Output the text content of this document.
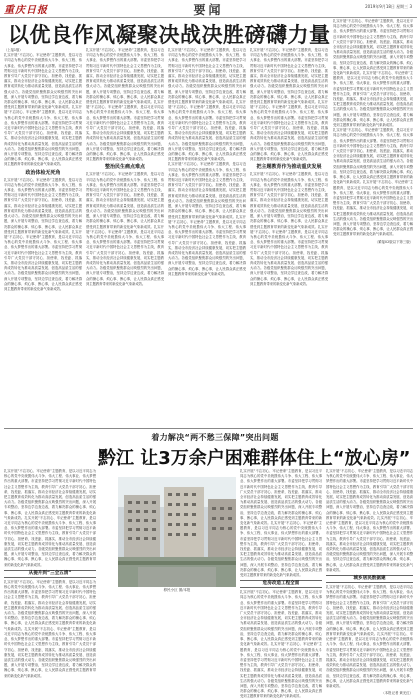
重庆日报	要闻	2019年9月18日 星期三 3
以优良作风凝聚决战决胜磅礴力量
（上接1版）
扎实开展“不忘初心、牢记使命”主题教育，是以习近平同志为核心的党中央统揽伟大斗争、伟大工程、伟大事业、伟大梦想作出的重大部署。市委坚持把学习贯彻习近平新时代中国特色社会主义思想作为主线，教育引导广大党员干部守初心、担使命，找差距、抓落实，推动全市经济社会持续健康发展，切实把主题教育成效转化为推动高质量发展、创造高品质生活的强大动力。各级党组织聚焦群众反映强烈的突出问题，深入开展专项整治，坚持边学边查边改，着力解决群众的操心事、烦心事、揪心事，让人民群众真正感受到主题教育带来的新变化新气象新成效。扎实开展“不忘初心、牢记使命”主题教育，是以习近平同志为核心的党中央统揽伟大斗争、伟大工程、伟大事业、伟大梦想作出的重大部署。市委坚持把学习贯彻习近平新时代中国特色社会主义思想作为主线，教育引导广大党员干部守初心、担使命，找差距、抓落实，推动全市经济社会持续健康发展，切实把主题教育成效转化为推动高质量发展、创造高品质生活的强大动力。各级党组织聚焦群众反映强烈的突出问题，深入开展专项整治，坚持边学边查边改，着力解决群众的操心事、烦心事、揪心事，让人民群众真正感受到主题教育带来的新变化新气象新成效。
政治体检无死角
扎实开展“不忘初心、牢记使命”主题教育，是以习近平同志为核心的党中央统揽伟大斗争、伟大工程、伟大事业、伟大梦想作出的重大部署。市委坚持把学习贯彻习近平新时代中国特色社会主义思想作为主线，教育引导广大党员干部守初心、担使命，找差距、抓落实，推动全市经济社会持续健康发展，切实把主题教育成效转化为推动高质量发展、创造高品质生活的强大动力。各级党组织聚焦群众反映强烈的突出问题，深入开展专项整治，坚持边学边查边改，着力解决群众的操心事、烦心事、揪心事，让人民群众真正感受到主题教育带来的新变化新气象新成效。扎实开展“不忘初心、牢记使命”主题教育，是以习近平同志为核心的党中央统揽伟大斗争、伟大工程、伟大事业、伟大梦想作出的重大部署。市委坚持把学习贯彻习近平新时代中国特色社会主义思想作为主线，教育引导广大党员干部守初心、担使命，找差距、抓落实，推动全市经济社会持续健康发展，切实把主题教育成效转化为推动高质量发展、创造高品质生活的强大动力。各级党组织聚焦群众反映强烈的突出问题，深入开展专项整治，坚持边学边查边改，着力解决群众的操心事、烦心事、揪心事，让人民群众真正感受到主题教育带来的新变化新气象新成效。
扎实开展“不忘初心、牢记使命”主题教育，是以习近平同志为核心的党中央统揽伟大斗争、伟大工程、伟大事业、伟大梦想作出的重大部署。市委坚持把学习贯彻习近平新时代中国特色社会主义思想作为主线，教育引导广大党员干部守初心、担使命，找差距、抓落实，推动全市经济社会持续健康发展，切实把主题教育成效转化为推动高质量发展、创造高品质生活的强大动力。各级党组织聚焦群众反映强烈的突出问题，深入开展专项整治，坚持边学边查边改，着力解决群众的操心事、烦心事、揪心事，让人民群众真正感受到主题教育带来的新变化新气象新成效。扎实开展“不忘初心、牢记使命”主题教育，是以习近平同志为核心的党中央统揽伟大斗争、伟大工程、伟大事业、伟大梦想作出的重大部署。市委坚持把学习贯彻习近平新时代中国特色社会主义思想作为主线，教育引导广大党员干部守初心、担使命，找差距、抓落实，推动全市经济社会持续健康发展，切实把主题教育成效转化为推动高质量发展、创造高品质生活的强大动力。各级党组织聚焦群众反映强烈的突出问题，深入开展专项整治，坚持边学边查边改，着力解决群众的操心事、烦心事、揪心事，让人民群众真正感受到主题教育带来的新变化新气象新成效。
整治民生痛点难点
扎实开展“不忘初心、牢记使命”主题教育，是以习近平同志为核心的党中央统揽伟大斗争、伟大工程、伟大事业、伟大梦想作出的重大部署。市委坚持把学习贯彻习近平新时代中国特色社会主义思想作为主线，教育引导广大党员干部守初心、担使命，找差距、抓落实，推动全市经济社会持续健康发展，切实把主题教育成效转化为推动高质量发展、创造高品质生活的强大动力。各级党组织聚焦群众反映强烈的突出问题，深入开展专项整治，坚持边学边查边改，着力解决群众的操心事、烦心事、揪心事，让人民群众真正感受到主题教育带来的新变化新气象新成效。扎实开展“不忘初心、牢记使命”主题教育，是以习近平同志为核心的党中央统揽伟大斗争、伟大工程、伟大事业、伟大梦想作出的重大部署。市委坚持把学习贯彻习近平新时代中国特色社会主义思想作为主线，教育引导广大党员干部守初心、担使命，找差距、抓落实，推动全市经济社会持续健康发展，切实把主题教育成效转化为推动高质量发展、创造高品质生活的强大动力。各级党组织聚焦群众反映强烈的突出问题，深入开展专项整治，坚持边学边查边改，着力解决群众的操心事、烦心事、揪心事，让人民群众真正感受到主题教育带来的新变化新气象新成效。
扎实开展“不忘初心、牢记使命”主题教育，是以习近平同志为核心的党中央统揽伟大斗争、伟大工程、伟大事业、伟大梦想作出的重大部署。市委坚持把学习贯彻习近平新时代中国特色社会主义思想作为主线，教育引导广大党员干部守初心、担使命，找差距、抓落实，推动全市经济社会持续健康发展，切实把主题教育成效转化为推动高质量发展、创造高品质生活的强大动力。各级党组织聚焦群众反映强烈的突出问题，深入开展专项整治，坚持边学边查边改，着力解决群众的操心事、烦心事、揪心事，让人民群众真正感受到主题教育带来的新变化新气象新成效。扎实开展“不忘初心、牢记使命”主题教育，是以习近平同志为核心的党中央统揽伟大斗争、伟大工程、伟大事业、伟大梦想作出的重大部署。市委坚持把学习贯彻习近平新时代中国特色社会主义思想作为主线，教育引导广大党员干部守初心、担使命，找差距、抓落实，推动全市经济社会持续健康发展，切实把主题教育成效转化为推动高质量发展、创造高品质生活的强大动力。各级党组织聚焦群众反映强烈的突出问题，深入开展专项整治，坚持边学边查边改，着力解决群众的操心事、烦心事、揪心事，让人民群众真正感受到主题教育带来的新变化新气象新成效。
扎实开展“不忘初心、牢记使命”主题教育，是以习近平同志为核心的党中央统揽伟大斗争、伟大工程、伟大事业、伟大梦想作出的重大部署。市委坚持把学习贯彻习近平新时代中国特色社会主义思想作为主线，教育引导广大党员干部守初心、担使命，找差距、抓落实，推动全市经济社会持续健康发展，切实把主题教育成效转化为推动高质量发展、创造高品质生活的强大动力。各级党组织聚焦群众反映强烈的突出问题，深入开展专项整治，坚持边学边查边改，着力解决群众的操心事、烦心事、揪心事，让人民群众真正感受到主题教育带来的新变化新气象新成效。扎实开展“不忘初心、牢记使命”主题教育，是以习近平同志为核心的党中央统揽伟大斗争、伟大工程、伟大事业、伟大梦想作出的重大部署。市委坚持把学习贯彻习近平新时代中国特色社会主义思想作为主线，教育引导广大党员干部守初心、担使命，找差距、抓落实，推动全市经济社会持续健康发展，切实把主题教育成效转化为推动高质量发展、创造高品质生活的强大动力。各级党组织聚焦群众反映强烈的突出问题，深入开展专项整治，坚持边学边查边改，着力解决群众的操心事、烦心事、揪心事，让人民群众真正感受到主题教育带来的新变化新气象新成效。
扎实开展“不忘初心、牢记使命”主题教育，是以习近平同志为核心的党中央统揽伟大斗争、伟大工程、伟大事业、伟大梦想作出的重大部署。市委坚持把学习贯彻习近平新时代中国特色社会主义思想作为主线，教育引导广大党员干部守初心、担使命，找差距、抓落实，推动全市经济社会持续健康发展，切实把主题教育成效转化为推动高质量发展、创造高品质生活的强大动力。各级党组织聚焦群众反映强烈的突出问题，深入开展专项整治，坚持边学边查边改，着力解决群众的操心事、烦心事、揪心事，让人民群众真正感受到主题教育带来的新变化新气象新成效。扎实开展“不忘初心、牢记使命”主题教育，是以习近平同志为核心的党中央统揽伟大斗争、伟大工程、伟大事业、伟大梦想作出的重大部署。市委坚持把学习贯彻习近平新时代中国特色社会主义思想作为主线，教育引导广大党员干部守初心、担使命，找差距、抓落实，推动全市经济社会持续健康发展，切实把主题教育成效转化为推动高质量发展、创造高品质生活的强大动力。各级党组织聚焦群众反映强烈的突出问题，深入开展专项整治，坚持边学边查边改，着力解决群众的操心事、烦心事、揪心事，让人民群众真正感受到主题教育带来的新变化新气象新成效。
把主题教育作为推动重庆发展
扎实开展“不忘初心、牢记使命”主题教育，是以习近平同志为核心的党中央统揽伟大斗争、伟大工程、伟大事业、伟大梦想作出的重大部署。市委坚持把学习贯彻习近平新时代中国特色社会主义思想作为主线，教育引导广大党员干部守初心、担使命，找差距、抓落实，推动全市经济社会持续健康发展，切实把主题教育成效转化为推动高质量发展、创造高品质生活的强大动力。各级党组织聚焦群众反映强烈的突出问题，深入开展专项整治，坚持边学边查边改，着力解决群众的操心事、烦心事、揪心事，让人民群众真正感受到主题教育带来的新变化新气象新成效。扎实开展“不忘初心、牢记使命”主题教育，是以习近平同志为核心的党中央统揽伟大斗争、伟大工程、伟大事业、伟大梦想作出的重大部署。市委坚持把学习贯彻习近平新时代中国特色社会主义思想作为主线，教育引导广大党员干部守初心、担使命，找差距、抓落实，推动全市经济社会持续健康发展，切实把主题教育成效转化为推动高质量发展、创造高品质生活的强大动力。各级党组织聚焦群众反映强烈的突出问题，深入开展专项整治，坚持边学边查边改，着力解决群众的操心事、烦心事、揪心事，让人民群众真正感受到主题教育带来的新变化新气象新成效。
扎实开展“不忘初心、牢记使命”主题教育，是以习近平同志为核心的党中央统揽伟大斗争、伟大工程、伟大事业、伟大梦想作出的重大部署。市委坚持把学习贯彻习近平新时代中国特色社会主义思想作为主线，教育引导广大党员干部守初心、担使命，找差距、抓落实，推动全市经济社会持续健康发展，切实把主题教育成效转化为推动高质量发展、创造高品质生活的强大动力。各级党组织聚焦群众反映强烈的突出问题，深入开展专项整治，坚持边学边查边改，着力解决群众的操心事、烦心事、揪心事，让人民群众真正感受到主题教育带来的新变化新气象新成效。扎实开展“不忘初心、牢记使命”主题教育，是以习近平同志为核心的党中央统揽伟大斗争、伟大工程、伟大事业、伟大梦想作出的重大部署。市委坚持把学习贯彻习近平新时代中国特色社会主义思想作为主线，教育引导广大党员干部守初心、担使命，找差距、抓落实，推动全市经济社会持续健康发展，切实把主题教育成效转化为推动高质量发展、创造高品质生活的强大动力。各级党组织聚焦群众反映强烈的突出问题，深入开展专项整治，坚持边学边查边改，着力解决群众的操心事、烦心事、揪心事，让人民群众真正感受到主题教育带来的新变化新气象新成效。
扎实开展“不忘初心、牢记使命”主题教育，是以习近平同志为核心的党中央统揽伟大斗争、伟大工程、伟大事业、伟大梦想作出的重大部署。市委坚持把学习贯彻习近平新时代中国特色社会主义思想作为主线，教育引导广大党员干部守初心、担使命，找差距、抓落实，推动全市经济社会持续健康发展，切实把主题教育成效转化为推动高质量发展、创造高品质生活的强大动力。各级党组织聚焦群众反映强烈的突出问题，深入开展专项整治，坚持边学边查边改，着力解决群众的操心事、烦心事、揪心事，让人民群众真正感受到主题教育带来的新变化新气象新成效。扎实开展“不忘初心、牢记使命”主题教育，是以习近平同志为核心的党中央统揽伟大斗争、伟大工程、伟大事业、伟大梦想作出的重大部署。市委坚持把学习贯彻习近平新时代中国特色社会主义思想作为主线，教育引导广大党员干部守初心、担使命，找差距、抓落实，推动全市经济社会持续健康发展，切实把主题教育成效转化为推动高质量发展、创造高品质生活的强大动力。各级党组织聚焦群众反映强烈的突出问题，深入开展专项整治，坚持边学边查边改，着力解决群众的操心事、烦心事、揪心事，让人民群众真正感受到主题教育带来的新变化新气象新成效。
（紧接02版以下第三版）
着力解决“两不愁三保障”突出问题
黔江 让3万余户困难群体住上“放心房”
扎实开展“不忘初心、牢记使命”主题教育，是以习近平同志为核心的党中央统揽伟大斗争、伟大工程、伟大事业、伟大梦想作出的重大部署。市委坚持把学习贯彻习近平新时代中国特色社会主义思想作为主线，教育引导广大党员干部守初心、担使命，找差距、抓落实，推动全市经济社会持续健康发展，切实把主题教育成效转化为推动高质量发展、创造高品质生活的强大动力。各级党组织聚焦群众反映强烈的突出问题，深入开展专项整治，坚持边学边查边改，着力解决群众的操心事、烦心事、揪心事，让人民群众真正感受到主题教育带来的新变化新气象新成效。扎实开展“不忘初心、牢记使命”主题教育，是以习近平同志为核心的党中央统揽伟大斗争、伟大工程、伟大事业、伟大梦想作出的重大部署。市委坚持把学习贯彻习近平新时代中国特色社会主义思想作为主线，教育引导广大党员干部守初心、担使命，找差距、抓落实，推动全市经济社会持续健康发展，切实把主题教育成效转化为推动高质量发展、创造高品质生活的强大动力。各级党组织聚焦群众反映强烈的突出问题，深入开展专项整治，坚持边学边查边改，着力解决群众的操心事、烦心事、揪心事，让人民群众真正感受到主题教育带来的新变化新气象新成效。
从提升到“三全五清”
扎实开展“不忘初心、牢记使命”主题教育，是以习近平同志为核心的党中央统揽伟大斗争、伟大工程、伟大事业、伟大梦想作出的重大部署。市委坚持把学习贯彻习近平新时代中国特色社会主义思想作为主线，教育引导广大党员干部守初心、担使命，找差距、抓落实，推动全市经济社会持续健康发展，切实把主题教育成效转化为推动高质量发展、创造高品质生活的强大动力。各级党组织聚焦群众反映强烈的突出问题，深入开展专项整治，坚持边学边查边改，着力解决群众的操心事、烦心事、揪心事，让人民群众真正感受到主题教育带来的新变化新气象新成效。扎实开展“不忘初心、牢记使命”主题教育，是以习近平同志为核心的党中央统揽伟大斗争、伟大工程、伟大事业、伟大梦想作出的重大部署。市委坚持把学习贯彻习近平新时代中国特色社会主义思想作为主线，教育引导广大党员干部守初心、担使命，找差距、抓落实，推动全市经济社会持续健康发展，切实把主题教育成效转化为推动高质量发展、创造高品质生活的强大动力。各级党组织聚焦群众反映强烈的突出问题，深入开展专项整治，坚持边学边查边改，着力解决群众的操心事、烦心事、揪心事，让人民群众真正感受到主题教育带来的新变化新气象新成效。
移民小区 图/本报
扎实开展“不忘初心、牢记使命”主题教育，是以习近平同志为核心的党中央统揽伟大斗争、伟大工程、伟大事业、伟大梦想作出的重大部署。市委坚持把学习贯彻习近平新时代中国特色社会主义思想作为主线，教育引导广大党员干部守初心、担使命，找差距、抓落实，推动全市经济社会持续健康发展，切实把主题教育成效转化为推动高质量发展、创造高品质生活的强大动力。各级党组织聚焦群众反映强烈的突出问题，深入开展专项整治，坚持边学边查边改，着力解决群众的操心事、烦心事、揪心事，让人民群众真正感受到主题教育带来的新变化新气象新成效。扎实开展“不忘初心、牢记使命”主题教育，是以习近平同志为核心的党中央统揽伟大斗争、伟大工程、伟大事业、伟大梦想作出的重大部署。市委坚持把学习贯彻习近平新时代中国特色社会主义思想作为主线，教育引导广大党员干部守初心、担使命，找差距、抓落实，推动全市经济社会持续健康发展，切实把主题教育成效转化为推动高质量发展、创造高品质生活的强大动力。各级党组织聚焦群众反映强烈的突出问题，深入开展专项整治，坚持边学边查边改，着力解决群众的操心事、烦心事、揪心事，让人民群众真正感受到主题教育带来的新变化新气象新成效。
危房改造工程全面
扎实开展“不忘初心、牢记使命”主题教育，是以习近平同志为核心的党中央统揽伟大斗争、伟大工程、伟大事业、伟大梦想作出的重大部署。市委坚持把学习贯彻习近平新时代中国特色社会主义思想作为主线，教育引导广大党员干部守初心、担使命，找差距、抓落实，推动全市经济社会持续健康发展，切实把主题教育成效转化为推动高质量发展、创造高品质生活的强大动力。各级党组织聚焦群众反映强烈的突出问题，深入开展专项整治，坚持边学边查边改，着力解决群众的操心事、烦心事、揪心事，让人民群众真正感受到主题教育带来的新变化新气象新成效。扎实开展“不忘初心、牢记使命”主题教育，是以习近平同志为核心的党中央统揽伟大斗争、伟大工程、伟大事业、伟大梦想作出的重大部署。市委坚持把学习贯彻习近平新时代中国特色社会主义思想作为主线，教育引导广大党员干部守初心、担使命，找差距、抓落实，推动全市经济社会持续健康发展，切实把主题教育成效转化为推动高质量发展、创造高品质生活的强大动力。各级党组织聚焦群众反映强烈的突出问题，深入开展专项整治，坚持边学边查边改，着力解决群众的操心事、烦心事、揪心事，让人民群众真正感受到主题教育带来的新变化新气象新成效。
扎实开展“不忘初心、牢记使命”主题教育，是以习近平同志为核心的党中央统揽伟大斗争、伟大工程、伟大事业、伟大梦想作出的重大部署。市委坚持把学习贯彻习近平新时代中国特色社会主义思想作为主线，教育引导广大党员干部守初心、担使命，找差距、抓落实，推动全市经济社会持续健康发展，切实把主题教育成效转化为推动高质量发展、创造高品质生活的强大动力。各级党组织聚焦群众反映强烈的突出问题，深入开展专项整治，坚持边学边查边改，着力解决群众的操心事、烦心事、揪心事，让人民群众真正感受到主题教育带来的新变化新气象新成效。扎实开展“不忘初心、牢记使命”主题教育，是以习近平同志为核心的党中央统揽伟大斗争、伟大工程、伟大事业、伟大梦想作出的重大部署。市委坚持把学习贯彻习近平新时代中国特色社会主义思想作为主线，教育引导广大党员干部守初心、担使命，找差距、抓落实，推动全市经济社会持续健康发展，切实把主题教育成效转化为推动高质量发展、创造高品质生活的强大动力。各级党组织聚焦群众反映强烈的突出问题，深入开展专项整治，坚持边学边查边改，着力解决群众的操心事、烦心事、揪心事，让人民群众真正感受到主题教育带来的新变化新气象新成效。
城乡居民数据建
扎实开展“不忘初心、牢记使命”主题教育，是以习近平同志为核心的党中央统揽伟大斗争、伟大工程、伟大事业、伟大梦想作出的重大部署。市委坚持把学习贯彻习近平新时代中国特色社会主义思想作为主线，教育引导广大党员干部守初心、担使命，找差距、抓落实，推动全市经济社会持续健康发展，切实把主题教育成效转化为推动高质量发展、创造高品质生活的强大动力。各级党组织聚焦群众反映强烈的突出问题，深入开展专项整治，坚持边学边查边改，着力解决群众的操心事、烦心事、揪心事，让人民群众真正感受到主题教育带来的新变化新气象新成效。扎实开展“不忘初心、牢记使命”主题教育，是以习近平同志为核心的党中央统揽伟大斗争、伟大工程、伟大事业、伟大梦想作出的重大部署。市委坚持把学习贯彻习近平新时代中国特色社会主义思想作为主线，教育引导广大党员干部守初心、担使命，找差距、抓落实，推动全市经济社会持续健康发展，切实把主题教育成效转化为推动高质量发展、创造高品质生活的强大动力。各级党组织聚焦群众反映强烈的突出问题，深入开展专项整治，坚持边学边查边改，着力解决群众的操心事、烦心事、揪心事，让人民群众真正感受到主题教育带来的新变化新气象新成效。
（本报记者 黄光红）
